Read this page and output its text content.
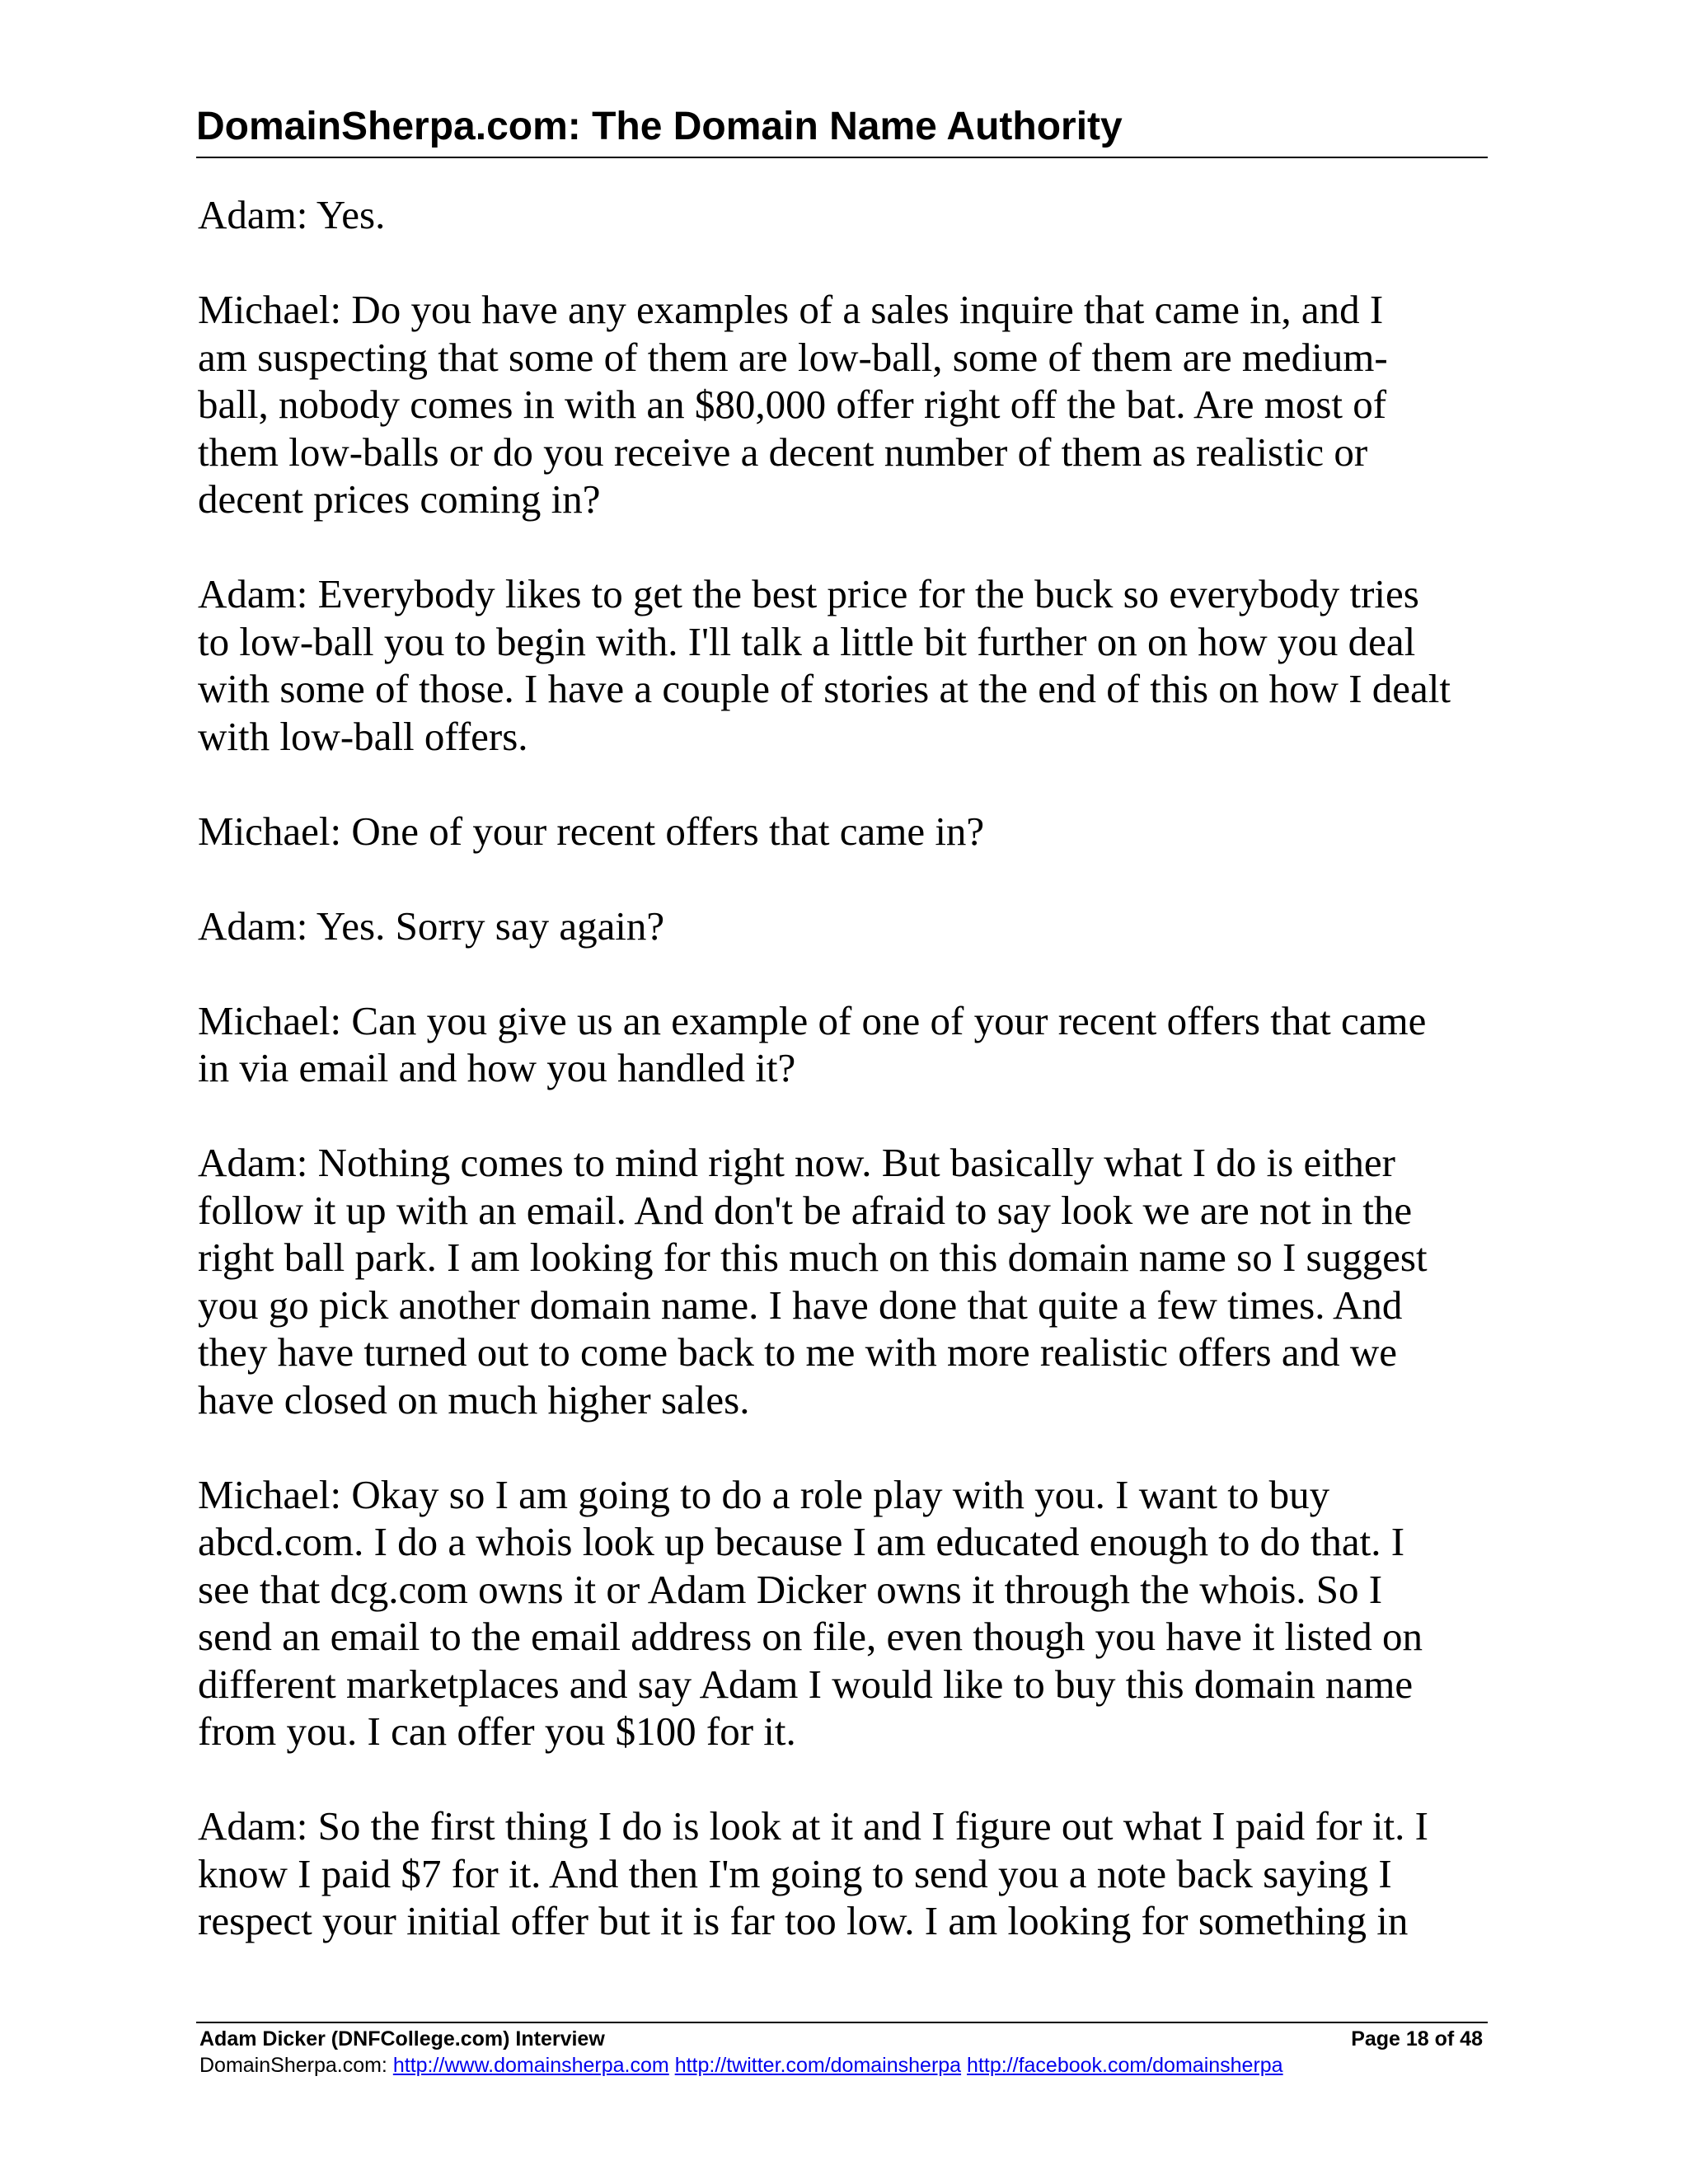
DomainSherpa.com: The Domain Name Authority

Adam: Yes.

Michael: Do you have any examples of a sales inquire that came in, and I
am suspecting that some of them are low-ball, some of them are medium-
ball, nobody comes in with an $80,000 offer right off the bat. Are most of
them low-balls or do you receive a decent number of them as realistic or
decent prices coming in?

Adam: Everybody likes to get the best price for the buck so everybody tries
to low-ball you to begin with. I'll talk a little bit further on on how you deal
with some of those. I have a couple of stories at the end of this on how I dealt
with low-ball offers.

Michael: One of your recent offers that came in?

Adam: Yes. Sorry say again?

Michael: Can you give us an example of one of your recent offers that came
in via email and how you handled it?

Adam: Nothing comes to mind right now. But basically what I do is either
follow it up with an email. And don't be afraid to say look we are not in the
right ball park. I am looking for this much on this domain name so I suggest
you go pick another domain name. I have done that quite a few times. And
they have turned out to come back to me with more realistic offers and we
have closed on much higher sales.

Michael: Okay so I am going to do a role play with you. I want to buy
abcd.com. I do a whois look up because I am educated enough to do that. I
see that dcg.com owns it or Adam Dicker owns it through the whois. So I
send an email to the email address on file, even though you have it listed on
different marketplaces and say Adam I would like to buy this domain name
from you. I can offer you $100 for it.

Adam: So the first thing I do is look at it and I figure out what I paid for it. I
know I paid $7 for it. And then I'm going to send you a note back saying I
respect your initial offer but it is far too low. I am looking for something in

Adam Dicker (DNFCollege.com) Interview	Page 18 of 48
DomainSherpa.com: http://www.domainsherpa.com http://twitter.com/domainsherpa http://facebook.com/domainsherpa
